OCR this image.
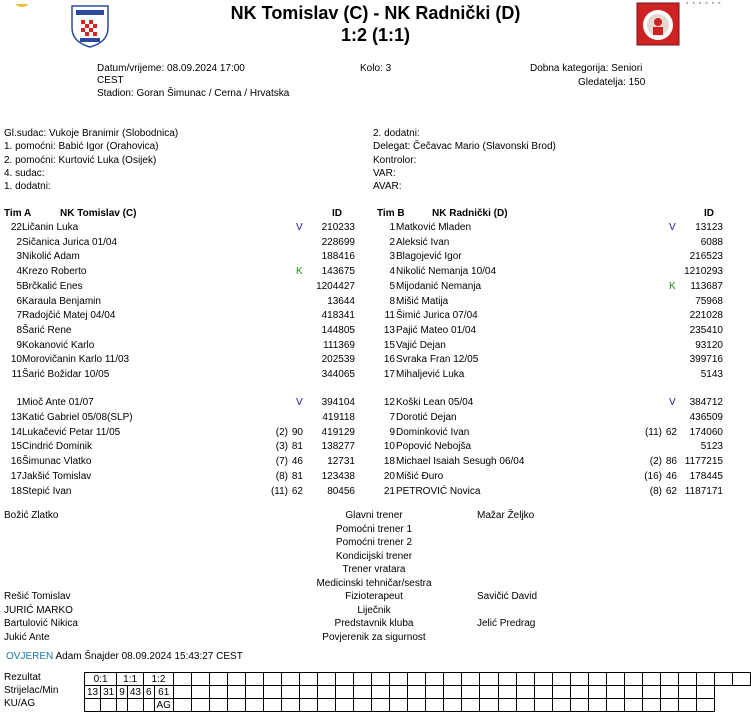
▪ ▪ ▪ ▪ ▪ ▪
NK Tomislav (C) - NK Radnički (D)
1:2 (1:1)
Datum/vrijeme: 08.09.2024 17:00
CEST
Stadion: Goran Šimunac / Cerna / Hrvatska
Kolo: 3	Dobna kategorija: Seniori
Gledatelja: 150
Gl.sudac: Vukoje Branimir (Slobodnica)
1. pomoćni: Babić Igor (Orahovica)
2. pomoćni: Kurtović Luka (Osijek)
4. sudac:
1. dodatni:
2. dodatni:
Delegat: Čečavac Mario (Slavonski Brod)
Kontrolor:
VAR:
AVAR:
Tim A	NK Tomislav (C)	ID	Tim B	NK Radnički (D)	ID
22 Ličanin Luka	V	210233
2 Sičanica Jurica 01/04	228699
3 Nikolić Adam	188416
4 Krezo Roberto	K	143675
5 Brčkalić Enes	1204427
6 Karaula Benjamin	13644
7 Radojčić Matej 04/04	418341
8 Šarić Rene	144805
9 Kokanović Karlo	111369
10 Morovičanin Karlo 11/03	202539
11 Šarić Božidar 10/05	344065
1 Matković Mladen	V	13123
2 Aleksić Ivan	6088
3 Blagojević Igor	216523
4 Nikolić Nemanja 10/04	1210293
5 Mijodanić Nemanja	K	113687
8 Mišić Matija	75968
11 Šimić Jurica 07/04	221028
13 Pajić Mateo 01/04	235410
15 Vajić Dejan	93120
16 Svraka Fran 12/05	399716
17 Mihaljević Luka	5143
1 Mioč Ante 01/07	V	394104
13 Katić Gabriel 05/08(SLP)	419118
14 Lukačević Petar 11/05	(2) 90	419129
15 Cindrić Dominik	(3) 81	138277
16 Šimunac Vlatko	(7) 46	12731
17 Jakšić Tomislav	(8) 81	123438
18 Stepić Ivan	(11) 62	80456
12 Koški Lean 05/04	V	384712
7 Dorotić Dejan	436509
9 Dominković Ivan	(11) 62	174060
10 Popović Nebojša	5123
18 Michael Isaiah Sesugh 06/04	(2) 86 1177215
20 Mišić Đuro	(16) 46	178445
21 PETROVIĆ Novica	(8) 62 1187171
Glavni trener
Božić Zlatko	Mažar Željko
Pomoćni trener 1
Pomoćni trener 2
Kondicijski trener
Trener vratara
Medicinski tehničar/sestra
Fizioterapeut
Rešić Tomislav	Savičić David
Liječnik
JURIĆ MARKO
Predstavnik kluba
Bartulović Nikica	Jelić Predrag
Povjerenik za sigurnost
Jukić Ante
OVJEREN Adam Šnajder 08.09.2024 15:43:27 CEST
Rezultat
Strijelac/Min
KU/AG
0:1		1:1		1:2																																	
13	31	9	43	6	61																																
					AG																																
